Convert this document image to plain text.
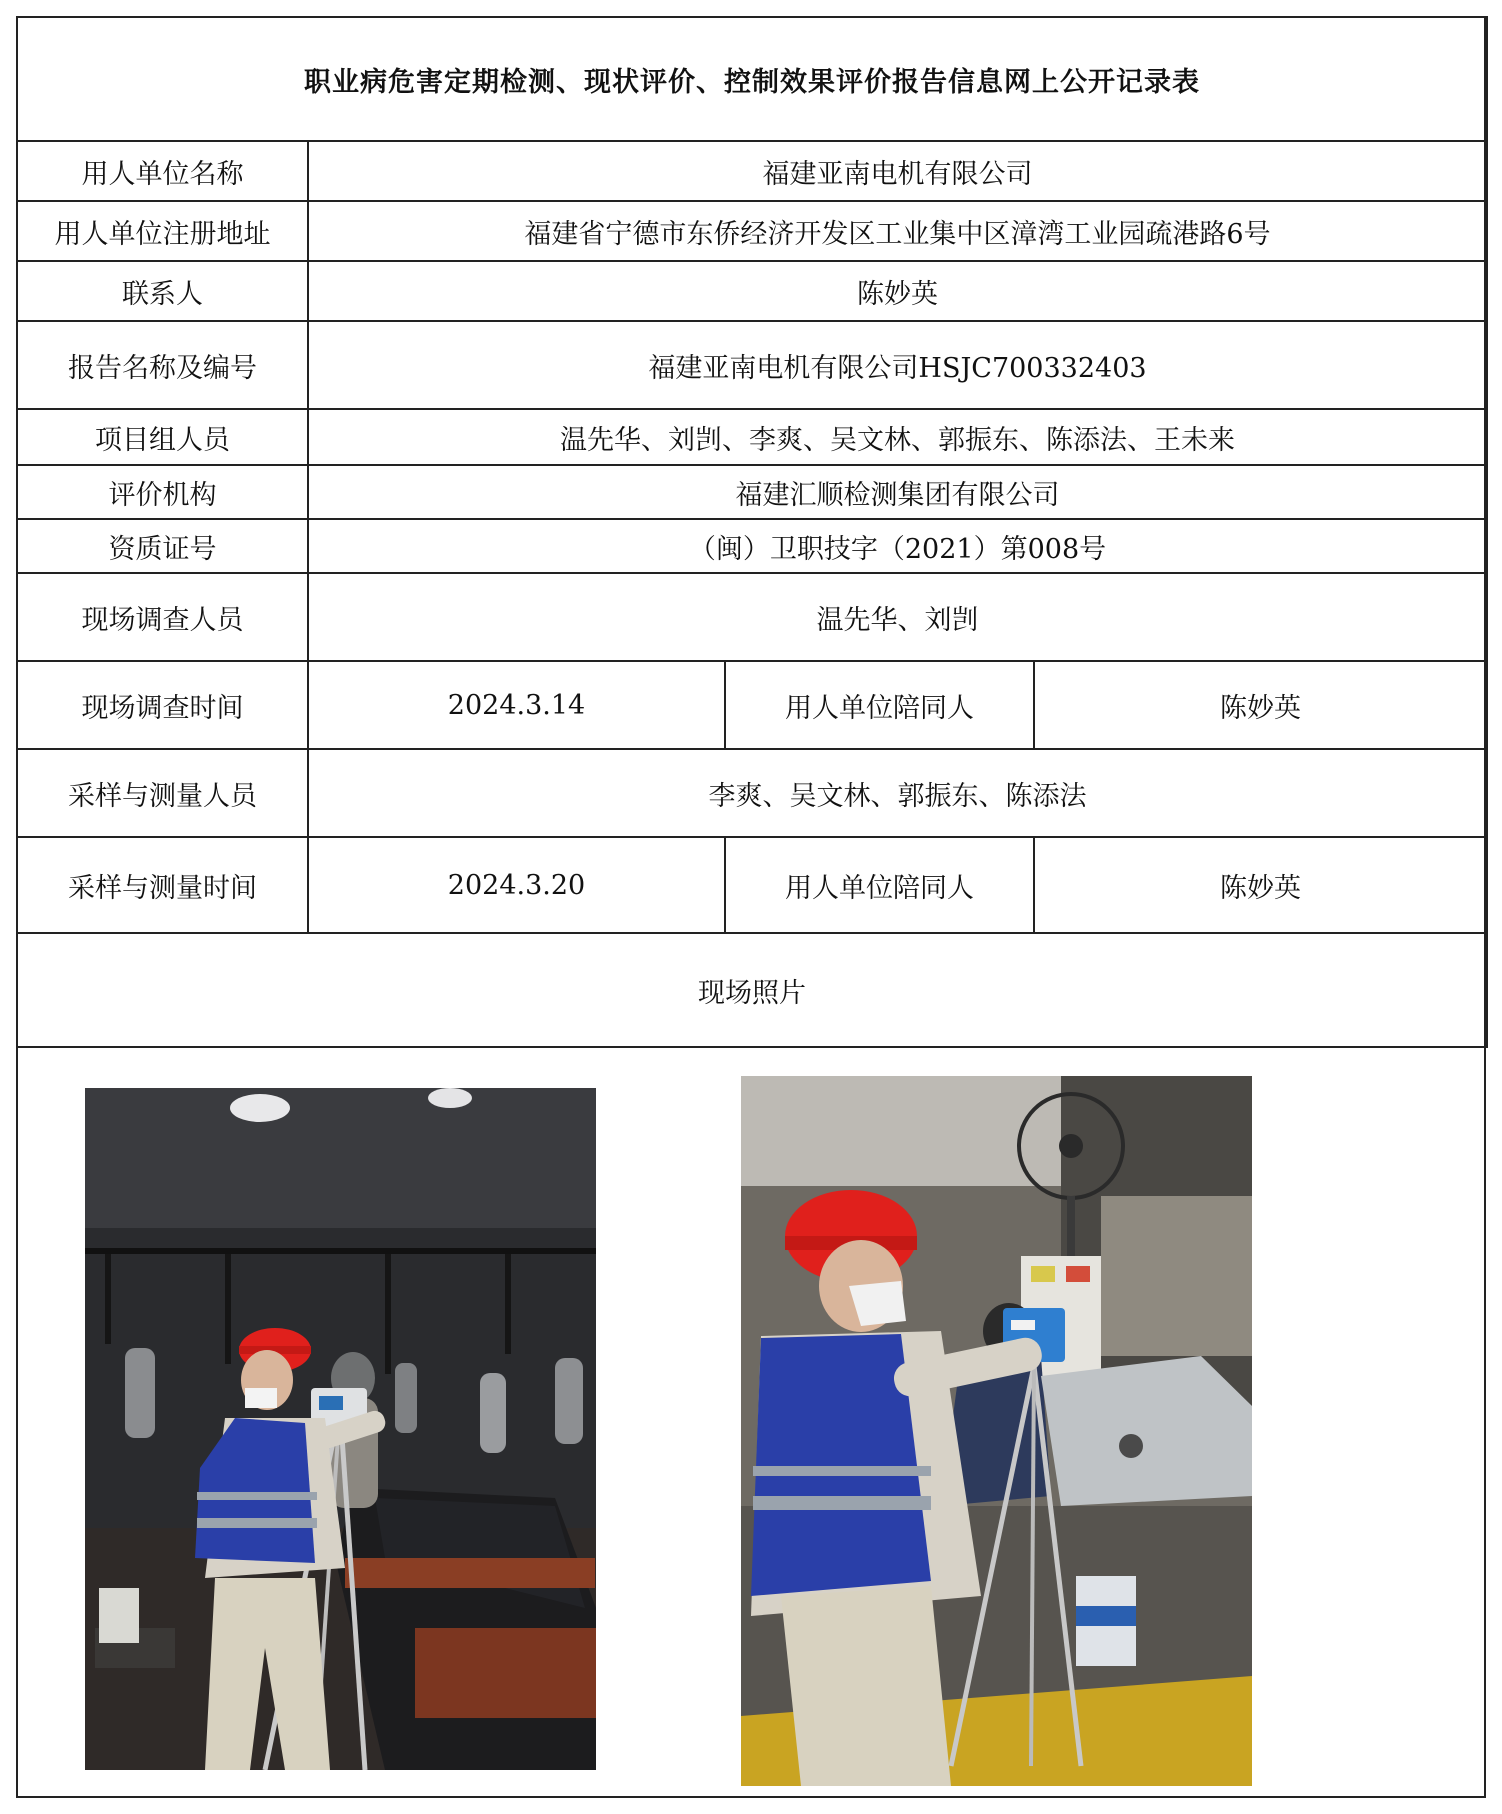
职业病危害定期检测、现状评价、控制效果评价报告信息网上公开记录表			
用人单位名称	福建亚南电机有限公司		
用人单位注册地址	福建省宁德市东侨经济开发区工业集中区漳湾工业园疏港路6号		
联系人	陈妙英		
报告名称及编号	福建亚南电机有限公司HSJC700332403		
项目组人员	温先华、刘剀、李爽、吴文林、郭振东、陈添法、王未来		
评价机构	福建汇顺检测集团有限公司		
资质证号	（闽）卫职技字（2021）第008号		
现场调查人员	温先华、刘剀		
现场调查时间	2024.3.14	用人单位陪同人	陈妙英
采样与测量人员	李爽、吴文林、郭振东、陈添法		
采样与测量时间	2024.3.20	用人单位陪同人	陈妙英
现场照片			
